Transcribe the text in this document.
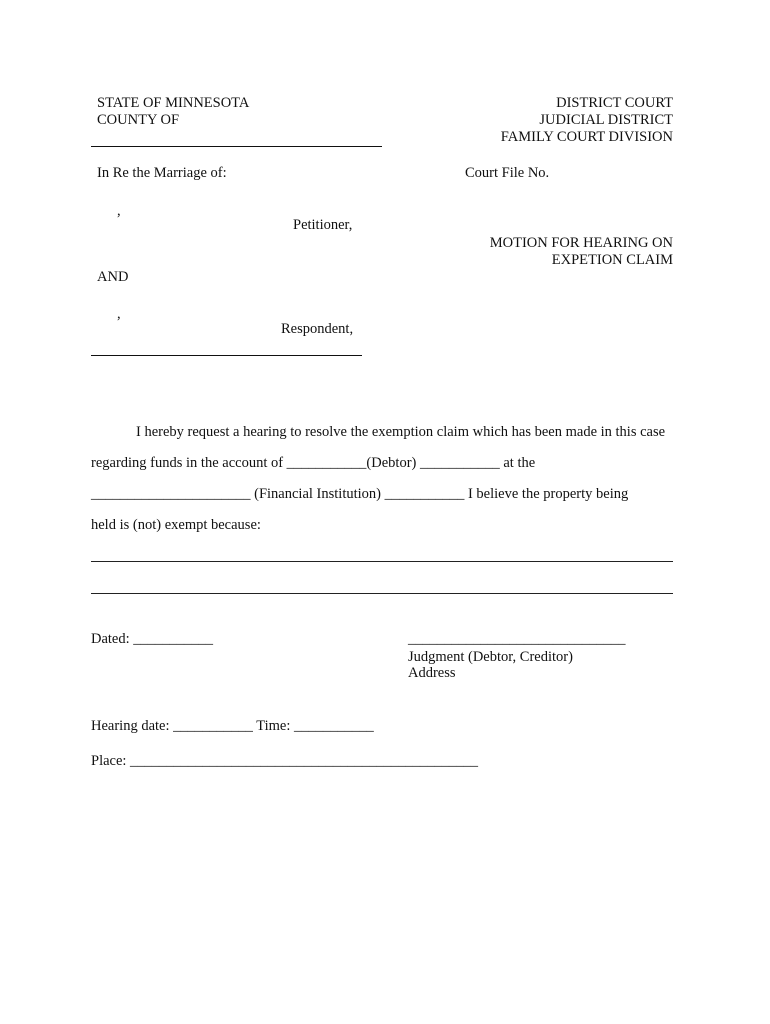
STATE OF MINNESOTA
COUNTY OF
DISTRICT COURT
JUDICIAL DISTRICT
FAMILY COURT DIVISION
In Re the Marriage of:	Court File No.
,
Petitioner,
MOTION FOR HEARING ON
EXPETION CLAIM
AND
,
Respondent,
I hereby request a hearing to resolve the exemption claim which has been made in this case
regarding funds in the account of ___________(Debtor) ___________ at the
______________________ (Financial Institution) ___________ I believe the property being
held is (not) exempt because:
Dated: ___________	______________________________
Judgment (Debtor, Creditor)
Address
Hearing date: ___________ Time: ___________
Place: ________________________________________________
